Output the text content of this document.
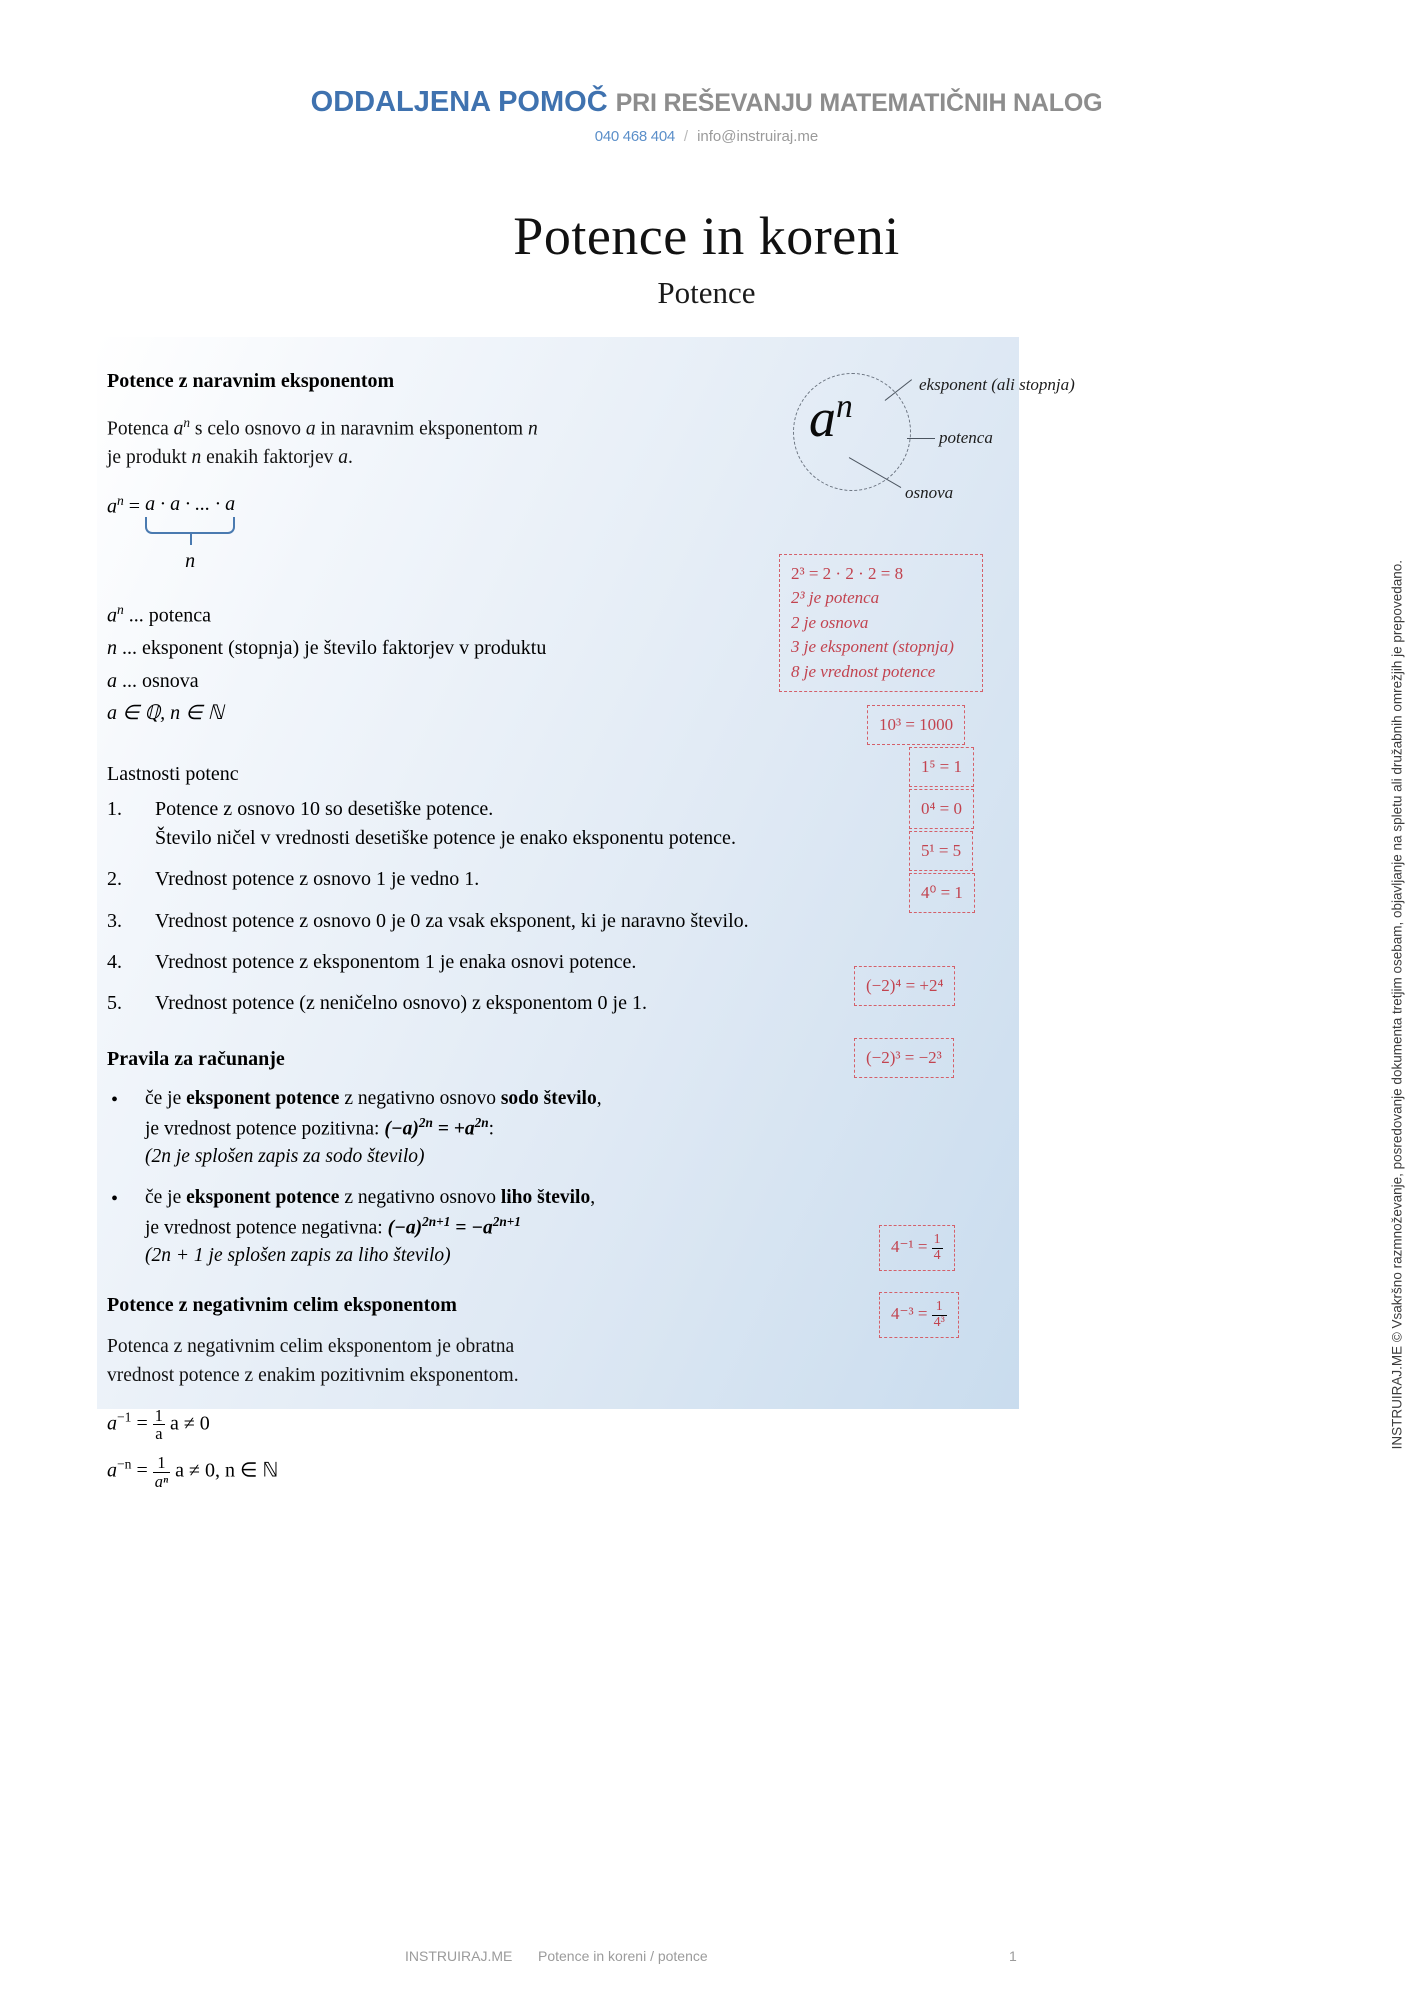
ODDALJENA POMOČ PRI REŠEVANJU MATEMATIČNIH NALOG
040 468 404 / info@instruiraj.me
Potence in koreni
Potence
Potence z naravnim eksponentom
Potenca $a^n$ s celo osnovo a in naravnim eksponentom n
je produkt n enakih faktorjev a.
$a^n = a \cdot a$ · ... · a
n
$a^n$ ... potenca
n ... eksponent (stopnja) je število faktorjev v produktu
a ... osnova
a ∈ ℚ, n ∈ ℕ
Lastnosti potenc
1. Potence z osnovo 10 so desetiške potence.
Število ničel v vrednosti desetiške potence je enako eksponentu potence.
2. Vrednost potence z osnovo 1 je vedno 1.
3. Vrednost potence z osnovo 0 je 0 za vsak eksponent, ki je naravno število.
4. Vrednost potence z eksponentom 1 je enaka osnovi potence.
5. Vrednost potence (z neničelno osnovo) z eksponentom 0 je 1.
Pravila za računanje
• če je eksponent potence z negativno osnovo sodo število,
je vrednost potence pozitivna: $(-a)^{2n} = +a^{2n}$:
(2n je splošen zapis za sodo število)
• če je eksponent potence z negativno osnovo liho število,
je vrednost potence negativna: $(-a)^{2n+1} = -a^{2n+1}$
(2n + 1 je splošen zapis za liho število)
Potence z negativnim celim eksponentom
Potenca z negativnim celim eksponentom je obratna
vrednost potence z enakim pozitivnim eksponentom.
$a^{-1} = \frac{1}{a}$ a ≠ 0
$a^{-n} = \frac{1}{\text{aⁿ}}$ a ≠ 0, n ∈ ℕ
$a^n$
eksponent (ali stopnja)
potenca
osnova
2³ = 2 · 2 · 2 = 8
2³ je potenca
2 je osnova
3 je eksponent (stopnja)
8 je vrednost potence
10³ = 1000
1⁵ = 1
0⁴ = 0
5¹ = 5
4⁰ = 1
(−2)⁴ = +2⁴
(−2)³ = −2³
$4^{-1} = \frac{1}{4}$
$4^{-3} = \frac{1}{\text{4³}}$	INSTRUIRAJ.ME © Vsakršno razmnoževanje, posredovanje dokumenta tretjim osebam, objavljanje na spletu ali družabnih omrežjih je prepovedano.
INSTRUIRAJ.ME Potence in koreni / potence	1
